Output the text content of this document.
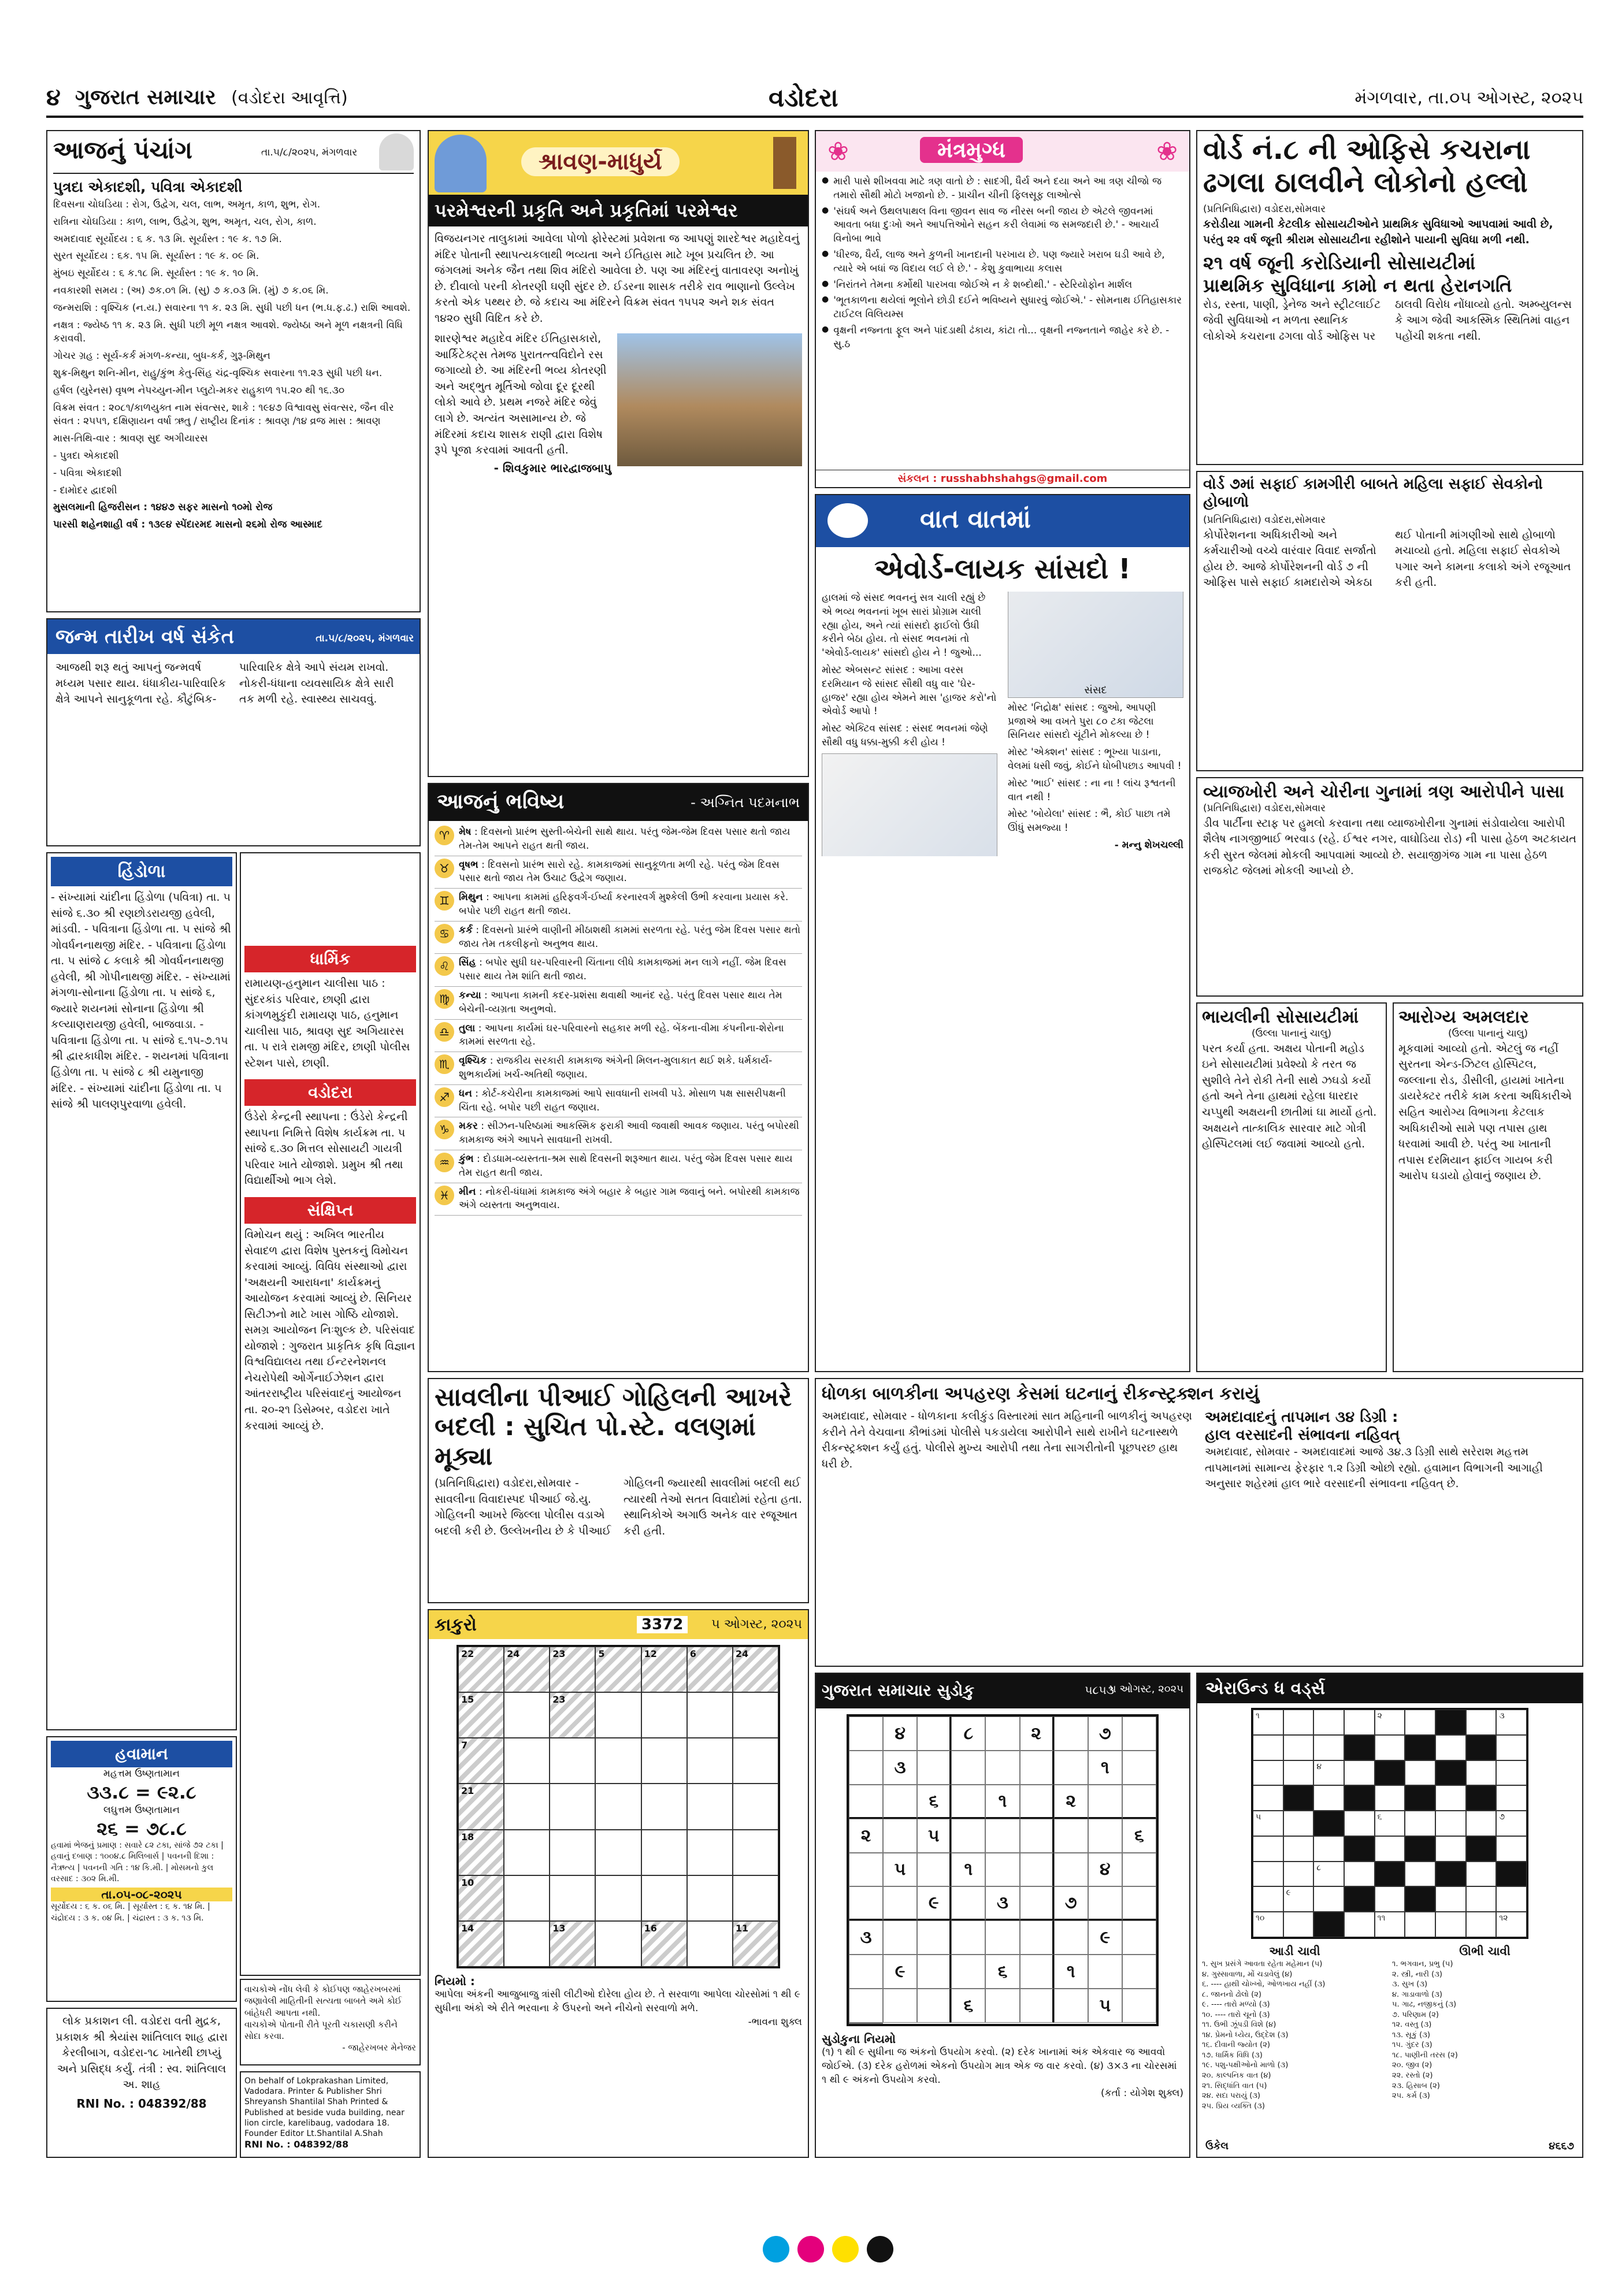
૪ ગુજરાત સમાચાર (વડોદરા આવૃત્તિ)	વડોદરા	મંગળવાર, તા.૦૫ ઓગસ્ટ, ૨૦૨૫
આજનું પંચાંગ	તા.૫/૮/૨૦૨૫, મંગળવાર
પુત્રદા એકાદશી, પવિત્રા એકાદશી
દિવસના ચોઘડિયા : રોગ, ઉદ્વેગ, ચલ, લાભ, અમૃત, કાળ, શુભ, રોગ.
રાત્રિના ચોઘડિયા : કાળ, લાભ, ઉદ્વેગ, શુભ, અમૃત, ચલ, રોગ, કાળ.
અમદાવાદ સૂર્યોદય : ૬ ક. ૧૩ મિ. સૂર્યાસ્ત : ૧૯ ક. ૧૭ મિ.
સુરત સૂર્યોદય : ૬ક. ૧૫ મિ. સૂર્યાસ્ત : ૧૯ ક. ૦૯ મિ.
મુંબઇ સૂર્યોદય : ૬ ક.૧૮ મિ. સૂર્યાસ્ત : ૧૯ ક. ૧૦ મિ.
નવકારશી સમય : (અ) ૭ક.૦૧ મિ. (સુ) ૭ ક.૦૩ મિ. (મું) ૭ ક.૦૬ મિ.
જન્મરાશિ : વૃશ્ચિક (ન.ય.) સવારના ૧૧ ક. ૨૩ મિ. સુધી પછી ધન (ભ.ધ.ફ.ઢ.) રાશિ આવશે.
નક્ષત્ર : જ્યેષ્ઠ ૧૧ ક. ૨૩ મિ. સુધી પછી મૂળ નક્ષત્ર આવશે. જ્યેષ્ઠા અને મૂળ નક્ષત્રની વિધિ કરાવવી.
ગોચર ગ્રહ : સૂર્ય-કર્ક મંગળ-કન્યા, બુધ-કર્ક, ગુરૂ-મિથુન
શુક્ર-મિથુન શનિ-મીન, રાહુ/કુંભ કેતુ-સિંહ ચંદ્ર-વૃશ્ચિક સવારના ૧૧.૨૩ સુધી પછી ધન.
હર્ષલ (યુરેનસ) વૃષભ નેપચ્યુન-મીન પ્લુટો-મકર રાહુકાળ ૧૫.૨૦ થી ૧૬.૩૦
વિક્રમ સંવત : ૨૦૮૧/કાળયુક્ત નામ સંવત્સર, શાકે : ૧૯૪૭ વિશ્વાવસુ સંવત્સર, જૈન વીર સંવત : ૨૫૫૧, દક્ષિણાયન વર્ષા ઋતુ / રાષ્ટ્રીય દિનાંક : શ્રાવણ /૧૪ વ્રજ માસ : શ્રાવણ
માસ-તિથિ-વાર : શ્રાવણ સુદ અગીયારસ
- પુત્રદા એકાદશી
- પવિત્રા એકાદશી
- દામોદર દ્વાદશી
મુસલમાની હિજરીસન : ૧૪૪૭ સફર માસનો ૧૦મો રોજ
પારસી શહેનશાહી વર્ષ : ૧૩૯૪ સ્પેંદારમદ માસનો ૨૬મો રોજ આસ્માદ
જન્મ તારીખ વર્ષ સંકેત	તા.૫/૮/૨૦૨૫, મંગળવાર
આજથી શરૂ થતું આપનું જન્મવર્ષ મધ્યમ પસાર થાય. ધંધાકીય-પારિવારિક ક્ષેત્રે આપને સાનુકૂળતા રહે. કૌટુંબિક-પારિવારિક ક્ષેત્રે આપે સંયમ રાખવો. નોકરી-ધંધાના વ્યવસાયિક ક્ષેત્રે સારી તક મળી રહે. સ્વાસ્થ્ય સાચવવું.
હિંડોળા
- સંખ્યામાં ચાંદીના હિંડોળા (પવિત્રા) તા. ૫ સાંજે ૬.૩૦ શ્રી રણછોડરાયજી હવેલી, માંડવી. - પવિત્રાના હિંડોળા તા. ૫ સાંજે શ્રી ગોવર્ધનનાથજી મંદિર. - પવિત્રાના હિંડોળા તા. ૫ સાંજે ૮ કલાકે શ્રી ગોવર્ધનનાથજી હવેલી, શ્રી ગોપીનાથજી મંદિર. - સંખ્યામાં મંગળા-સોનાના હિંડોળા તા. ૫ સાંજે ૬, જ્યારે શયનમાં સોનાના હિંડોળા શ્રી કલ્યાણરાયજી હવેલી, બાજવાડા. - પવિત્રાના હિંડોળા તા. ૫ સાંજે ૬.૧૫-૭.૧૫ શ્રી દ્વારકાધીશ મંદિર. - શયનમાં પવિત્રાના હિંડોળા તા. ૫ સાંજે ૮ શ્રી યમુનાજી મંદિર. - સંખ્યામાં ચાંદીના હિંડોળા તા. ૫ સાંજે શ્રી પાલણપુરવાળા હવેલી.
ધાર્મિક
રામાયણ-હનુમાન ચાલીસા પાઠ : સુંદરકાંડ પરિવાર, છાણી દ્વારા કાંગળમુકુંદી રામાયણ પાઠ, હનુમાન ચાલીસા પાઠ, શ્રાવણ સુદ અગિયારસ તા. ૫ રાત્રે રામજી મંદિર, છાણી પોલીસ સ્ટેશન પાસે, છાણી.
વડોદરા
ઉંડેરો કેન્દ્રની સ્થાપના : ઉંડેરો કેન્દ્રની સ્થાપના નિમિત્તે વિશેષ કાર્યક્રમ તા. ૫ સાંજે ૬.૩૦ મિત્તલ સોસાયટી ગાયત્રી પરિવાર ખાતે યોજાશે. પ્રમુખ શ્રી તથા વિદ્યાર્થીઓ ભાગ લેશે.
સંક્ષિપ્ત
વિમોચન થયું : અખિલ ભારતીય સેવાદળ દ્વારા વિશેષ પુસ્તકનું વિમોચન કરવામાં આવ્યું. વિવિધ સંસ્થાઓ દ્વારા 'અક્ષયની આરાધના' કાર્યક્રમનું આયોજન કરવામાં આવ્યું છે. સિનિયર સિટીઝનો માટે ખાસ ગોષ્ઠિ યોજાશે. સમગ્ર આયોજન નિઃશુલ્ક છે. પરિસંવાદ યોજાશે : ગુજરાત પ્રાકૃતિક કૃષિ વિજ્ઞાન વિશ્વવિદ્યાલય તથા ઈન્ટરનેશનલ નેચરોપેથી ઓર્ગેનાઈઝેશન દ્વારા આંતરરાષ્ટ્રીય પરિસંવાદનું આયોજન તા. ૨૦-૨૧ ડિસેમ્બર, વડોદરા ખાતે કરવામાં આવ્યું છે.
હવામાન
મહત્તમ ઉષ્ણતામાન
૩૩.૮ = ૯૨.૮
લઘુત્તમ ઉષ્ણતામાન
૨૬ = ૭૮.૮
હવામાં ભેજનું પ્રમાણ : સવારે ૮૨ ટકા, સાંજે ૭૨ ટકા | હવાનું દબાણ : ૧૦૦૪.૮ મિલિબાર્સ | પવનની દિશા : નૈઋત્ય | પવનની ગતિ : ૧૪ કિ.મી. | મોસમનો કુલ વરસાદ : ૩૦૨ મિ.મી.
તા.૦૫-૦૮-૨૦૨૫
સૂર્યોદય : ૬ ક. ૦૬ મિ. | સૂર્યાસ્ત : ૬ ક. ૧૪ મિ. | ચંદ્રોદય : ૩ ક. ૦૪ મિ. | ચંદ્રાસ્ત : ૩ ક. ૧૩ મિ.
વાચકોએ નોંધ લેવી કે કોઈપણ જાહેરખબરમાં જણાવેલી માહિતીની સત્યતા બાબતે અમે કોઈ બાંહેધરી આપતા નથી.
વાચકોએ પોતાની રીતે પૂરતી ચકાસણી કરીને સોદા કરવા.
- જાહેરખબર મેનેજર
લોક પ્રકાશન લી. વડોદરા વતી મુદ્રક, પ્રકાશક શ્રી શ્રેયાંસ શાંતિલાલ શાહ દ્વારા કેરલીબાગ, વડોદરા-૧૮ ખાતેથી છાપ્યું અને પ્રસિદ્ધ કર્યું. તંત્રી : સ્વ. શાંતિલાલ અ. શાહ
RNI No. : 048392/88
On behalf of Lokprakashan Limited, Vadodara. Printer & Publisher Shri Shreyansh Shantilal Shah Printed & Published at beside vuda building, near lion circle, karelibaug, vadodara 18. Founder Editor Lt.Shantilal A.Shah
RNI No. : 048392/88
શ્રાવણ-માધુર્ય
પરમેશ્વરની પ્રકૃતિ અને પ્રકૃતિમાં પરમેશ્વર
વિજયનગર તાલુકામાં આવેલા પોળો ફોરેસ્ટમાં પ્રવેશતા જ આપણું શારદેશ્વર મહાદેવનું મંદિર પોતાની સ્થાપત્યકલાથી ભવ્યતા અને ઈતિહાસ માટે ખૂબ પ્રચલિત છે. આ જંગલમાં અનેક જૈન તથા શિવ મંદિરો આવેલા છે. પણ આ મંદિરનું વાતાવરણ અનોખું છે. દીવાલો પરની કોતરણી ઘણી સુંદર છે. ઈડરના શાસક તરીકે રાવ ભાણાનો ઉલ્લેખ કરતો એક પથ્થર છે. જે કદાચ આ મંદિરને વિક્રમ સંવત ૧૫૫૨ અને શક સંવત ૧૪૨૦ સુધી વિદિત કરે છે.
શારણેશ્વર મહાદેવ મંદિર ઈતિહાસકારો, આર્કિટેક્ટ્સ તેમજ પુરાતત્ત્વવિદોને રસ જગાવ્યો છે. આ મંદિરની ભવ્ય કોતરણી અને અદ્ભુત મૂર્તિઓ જોવા દૂર દૂરથી લોકો આવે છે. પ્રથમ નજરે મંદિર જેવું લાગે છે. અત્યંત અસામાન્ય છે. જે મંદિરમાં કદાચ શાસક રાણી દ્વારા વિશેષ રૂપે પૂજા કરવામાં આવતી હતી.
- શિવકુમાર ભારદ્વાજબાપુ
આજનું ભવિષ્ય	- અગ્નિત પદમનાભ
♈ મેષ : દિવસનો પ્રારંભ સુસ્તી-બેચેની સાથે થાય. પરંતુ જેમ-જેમ દિવસ પસાર થતો જાય તેમ-તેમ આપને રાહત થતી જાય.
♉ વૃષભ : દિવસનો પ્રારંભ સારો રહે. કામકાજમાં સાનુકૂળતા મળી રહે. પરંતુ જેમ દિવસ પસાર થતો જાય તેમ ઉચાટ ઉદ્વેગ જણાય.
♊ મિથુન : આપના કામમાં હરિફવર્ગ-ઈર્ષ્યા કરનારવર્ગ મુશ્કેલી ઉભી કરવાના પ્રયાસ કરે. બપોર પછી રાહત થતી જાય.
♋ કર્ક : દિવસનો પ્રારંભે વાણીની મીઠાશથી કામમાં સરળતા રહે. પરંતુ જેમ દિવસ પસાર થતો જાય તેમ તકલીફનો અનુભવ થાય.
♌ સિંહ : બપોર સુધી ઘર-પરિવારની ચિંતાના લીધે કામકાજમાં મન લાગે નહીં. જેમ દિવસ પસાર થાય તેમ શાંતિ થતી જાય.
♍ કન્યા : આપના કામની કદર-પ્રશંસા થવાથી આનંદ રહે. પરંતુ દિવસ પસાર થાય તેમ બેચેની-વ્યગ્રતા અનુભવો.
♎ તુલા : આપના કાર્યમાં ઘર-પરિવારનો સહકાર મળી રહે. બેંકના-વીમા કંપનીના-શેરોના કામમાં સરળતા રહે.
♏ વૃશ્ચિક : રાજકીય સરકારી કામકાજ અંગેની મિલન-મુલાકાત થઈ શકે. ધર્મકાર્ય-શુભકાર્યમાં ખર્ચ-અતિથી જણાય.
♐ ધન : કોર્ટ-કચેરીના કામકાજમાં આપે સાવધાની રાખવી પડે. મોસાળ પક્ષ સાસરીપક્ષની ચિંતા રહે. બપોર પછી રાહત જણાય.
♑ મકર : સીઝન-પરિષ્ઠામાં આકસ્મિક ફરાકી આવી જવાથી આવક જણાય. પરંતુ બપોરથી કામકાજ અંગે આપને સાવધાની રાખવી.
♒ કુંભ : દોડધામ-વ્યસ્તતા-શ્રમ સાથે દિવસની શરૂઆત થાય. પરંતુ જેમ દિવસ પસાર થાય તેમ રાહત થતી જાય.
♓ મીન : નોકરી-ધંધામાં કામકાજ અંગે બહાર કે બહાર ગામ જવાનું બને. બપોરથી કામકાજ અંગે વ્યસ્તતા અનુભવાય.
સાવલીના પીઆઈ ગોહિલની આખરે
બદલી : સુચિત પો.સ્ટે. વલણમાં મૂક્યા
(પ્રતિનિધિદ્વારા) વડોદરા,સોમવાર - સાવલીના વિવાદાસ્પદ પીઆઈ જે.યુ. ગોહિલની આખરે જિલ્લા પોલીસ વડાએ બદલી કરી છે. ઉલ્લેખનીય છે કે પીઆઈ ગોહિલની જ્યારથી સાવલીમાં બદલી થઈ ત્યારથી તેઓ સતત વિવાદોમાં રહેતા હતા. સ્થાનિકોએ અગાઉ અનેક વાર રજૂઆત કરી હતી.
કાકુરો	3372	૫ ઓગસ્ટ, ૨૦૨૫
22	24	23	5	12	6	24
15	23
7
21
18
10
14	13	16	11
નિયમો :
આપેલા અંકની આજુબાજુ ત્રાંસી લીટીઓ દોરેલા હોય છે. તે સરવાળા આપેલા ચોરસોમાં ૧ થી ૯ સુધીના અંકો એ રીતે ભરવાના કે ઉપરનો અને નીચેનો સરવાળો મળે.
-ભાવના શુક્લ
❀	મંત્રમુગ્ધ	❀
● મારી પાસે શીખવવા માટે ત્રણ વાતો છે : સાદગી, ધૈર્ય અને દયા અને આ ત્રણ ચીજો જ તમારો સૌથી મોટો ખજાનો છે. - પ્રાચીન ચીની ફિલસૂફ લાઓત્સે
● 'સંઘર્ષ અને ઉથલપાથલ વિના જીવન સાવ જ નીરસ બની જાય છે એટલે જીવનમાં આવતા બધા દુઃખો અને આપત્તિઓને સહન કરી લેવામાં જ સમજદારી છે.' - આચાર્ય વિનોબા ભાવે
● 'ધીરજ, ધૈર્ય, લાજ અને કુળની ખાનદાની પરખાય છે. પણ જ્યારે ખરાબ ઘડી આવે છે, ત્યારે એ બધાં જ વિદાય લઈ લે છે.' - કેશુ કુવાભાયા કલાસ
● 'નિરાંતને તેમના કર્મોથી પારખવા જોઈએ ન કે શબ્દોથી.' - સ્ટેરિયોફોન માર્શલ
● 'ભૂતકાળના થયેલાં ભૂલોને છોડી દઈને ભવિષ્યને સુધારવું જોઈએ.' - સોમનાથ ઈતિહાસકાર ટાઈટલ વિલિયમ્સ
● વૃક્ષની નજ્નતા ફૂલ અને પાંદડાથી ઢંકાય, કાંટા તો... વૃક્ષની નજ્નતાને જાહેર કરે છે. - સુ.ઠ
સંકલન : russhabhshahgs@gmail.com
વાત વાતમાં
એવોર્ડ-લાયક સાંસદો !
હાલમાં જે સંસદ ભવનનું સત્ર ચાલી રહ્યું છે એ ભવ્ય ભવનનાં ખૂબ સારાં પ્રોગ્રામ ચાલી રહ્યા હોય, અને ત્યાં સાંસદો ફાઈલો ઉંધી કરીને બેઠા હોય. તો સંસદ ભવનમાં તો 'એવોર્ડ-લાયક' સાંસદો હોય ને ! જુઓ...
મોસ્ટ એબસન્ટ સાંસદ : આખા વરસ દરમિયાન જે સાંસદ સૌથી વધુ વાર 'ઘેર-હાજર' રહ્યા હોય એમને માસ 'હાજર કરો'નો એવોર્ડ આપો !
મોસ્ટ એક્ટિવ સાંસદ : સંસદ ભવનમાં જેણે સૌથી વધુ ધક્કા-મુક્કી કરી હોય !
સંસદ
મોસ્ટ 'નિદ્રોક્ષ' સાંસદ : જુઓ, આપણી પ્રજાએ આ વખતે પુરા ૮૦ ટકા જેટલા સિનિયર સાંસદો ચૂંટીને મોકલ્યા છે !
મોસ્ટ 'એક્શન' સાંસદ : ભૂખ્યા પાડાના, વેલમાં ધસી જવું, કોઈને ધોબીપછાડ આપવી !
મોસ્ટ 'ભાઈ' સાંસદ : ના ના ! લાંચ રૂશ્વતની વાત નથી !
મોસ્ટ 'બોયેલા' સાંસદ : ભૈ, કોઈ પાછા તમે ઊંધું સમજ્યા !
- મન્નુ શેખચલ્લી
ધોળકા બાળકીના અપહરણ કેસમાં ઘટનાનું રીકન્સ્ટ્રક્શન કરાયું
અમદાવાદ, સોમવાર - ધોળકાના કલીકુંડ વિસ્તારમાં સાત મહિનાની બાળકીનું અપહરણ કરીને તેને વેચવાના કૌભાંડમાં પોલીસે પકડાયેલા આરોપીને સાથે રાખીને ઘટનાસ્થળે રીકન્સ્ટ્રક્શન કર્યું હતું. પોલીસે મુખ્ય આરોપી તથા તેના સાગરીતોની પૂછપરછ હાથ ધરી છે.
અમદાવાદનું તાપમાન ૩૪ ડિગ્રી :
હાલ વરસાદની સંભાવના નહિવત્
અમદાવાદ, સોમવાર - અમદાવાદમાં આજે ૩૪.૩ ડિગ્રી સાથે સરેરાશ મહત્તમ તાપમાનમાં સામાન્ય ફેરફાર ૧.૨ ડિગ્રી ઓછો રહ્યો. હવામાન વિભાગની આગાહી અનુસાર શહેરમાં હાલ ભારે વરસાદની સંભાવના નહિવત્ છે.
ગુજરાત સમાચાર સુડોકુ	૫૮૫૩
૫ ઓગસ્ટ, ૨૦૨૫
૪	૮	૨	૭
૩	૧
૬	૧	૨
૨	૫	૬
૫	૧	૪
૯	૩	૭
૩	૯
૯	૬	૧
૬	૫
સુડોકુના નિયમો
(૧) ૧ થી ૯ સુધીના જ અંકનો ઉપયોગ કરવો. (૨) દરેક ખાનામાં અંક એકવાર જ આવવો જોઈએ. (૩) દરેક હરોળમાં એકનો ઉપયોગ માત્ર એક જ વાર કરવો. (૪) ૩×૩ ના ચોરસમાં ૧ થી ૯ અંકનો ઉપયોગ કરવો.
(કર્તા : યોગેશ શુક્લ)
વોર્ડ નં.૮ ની ઓફિસે કચરાના
ઢગલા ઠાલવીને લોકોનો હલ્લો
(પ્રતિનિધિદ્વારા) વડોદરા,સોમવાર
કરોડીયા ગામની કેટલીક સોસાયટીઓને પ્રાથમિક સુવિધાઓ આપવામાં આવી છે, પરંતુ ૨૨ વર્ષ જૂની શ્રીરામ સોસાયટીના રહીશોને પાયાની સુવિધા મળી નથી.
૨૧ વર્ષ જૂની કરોડિયાની સોસાયટીમાં
પ્રાથમિક સુવિધાના કામો ન થતા હેરાનગતિ
રોડ, રસ્તા, પાણી, ડ્રેનેજ અને સ્ટ્રીટલાઈટ જેવી સુવિધાઓ ન મળતા સ્થાનિક લોકોએ કચરાના ઢગલા વોર્ડ ઓફિસ પર ઠાલવી વિરોધ નોંધાવ્યો હતો. અમ્બ્યુલન્સ કે આગ જેવી આકસ્મિક સ્થિતિમાં વાહન પહોંચી શકતા નથી.
વોર્ડ ૭માં સફાઈ કામગીરી બાબતે મહિલા સફાઈ સેવકોનો હોબાળો
(પ્રતિનિધિદ્વારા) વડોદરા,સોમવાર
કોર્પોરેશનના અધિકારીઓ અને કર્મચારીઓ વચ્ચે વારંવાર વિવાદ સર્જાતો હોય છે. આજે કોર્પોરેશનની વોર્ડ ૭ ની ઓફિસ પાસે સફાઈ કામદારોએ એકઠા થઈ પોતાની માંગણીઓ સાથે હોબાળો મચાવ્યો હતો. મહિલા સફાઈ સેવકોએ પગાર અને કામના કલાકો અંગે રજૂઆત કરી હતી.
વ્યાજખોરી અને ચોરીના ગુનામાં ત્રણ આરોપીને પાસા
(પ્રતિનિધિદ્વારા) વડોદરા,સોમવાર
ડીવ પાર્ટીના સ્ટાફ પર હુમલો કરવાના તથા વ્યાજખોરીના ગુનામાં સંડોવાયેલા આરોપી શૈલેષ નાગજીભાઈ ભરવાડ (રહે. ઈશ્વર નગર, વાઘોડિયા રોડ) ની પાસા હેઠળ અટકાયત કરી સુરત જેલમાં મોકલી આપવામાં આવ્યો છે. સયાજીગંજ ગામ ના પાસા હેઠળ રાજકોટ જેલમાં મોકલી આપ્યો છે.
ભાયલીની સોસાયટીમાં
(ઉલ્લા પાનાનું ચાલુ)
પરત કર્યા હતા. અક્ષય પોતાની મહોડ ઇને સોસાયટીમાં પ્રવેશ્યો કે તરત જ સુશીલે તેને રોકી તેની સાથે ઝઘડો કર્યો હતો અને તેના હાથમાં રહેલા ધારદાર ચપ્પુથી અક્ષયની છાતીમાં ઘા માર્યો હતો. અક્ષયને તાત્કાલિક સારવાર માટે ગોત્રી હોસ્પિટલમાં લઈ જવામાં આવ્યો હતો.
આરોગ્ય અમલદાર
(ઉલ્લા પાનાનું ચાલુ)
મૂકવામાં આવ્યો હતો. એટલું જ નહીં સુરતના એન્ડ-ઝિટલ હોસ્પિટલ, જલ્લાના રોડ, ડીસીલી, હાયમાં ખાતેના ડાયરેક્ટર તરીકે કામ કરતા અધિકારીએ સહિત આરોગ્ય વિભાગના કેટલાક અધિકારીઓ સામે પણ તપાસ હાથ ધરવામાં આવી છે. પરંતુ આ ખાતાની તપાસ દરમિયાન ફાઈલ ગાયબ કરી આરોપ ઘડાયો હોવાનું જણાય છે.
એરાઉન્ડ ધ વર્ડ્સ
૧	૨	૩
૪
૫	૬	૭
૮
૯
૧૦	૧૧	૧૨
આડી ચાવી
૧. સુખ પ્રસંગે આવતા રહેતા મહેમાન (૫)
૪. ગુસ્સાવાળા, મોં ચડાવેલું (૪)
૬. ---- હાથી ચોખ્ખો, ઓળખાય નહીં (૩)
૮. જાનનો ઢોલો (૨)
૯. ---- તારો મળ્યો (૩)
૧૦. ---- તારો ચૂનો (૩)
૧૧. ઉભી ઝૂંપડી વિશે (૪)
૧૪. પ્રેમનો ધ્યેય, ઉદ્દેશ (૩)
૧૬. દીવાની જ્યોત (૨)
૧૭. ધાર્મિક વિધિ (૩)
૧૯. પશુ-પક્ષીઓનો માળો (૩)
૨૦. કાલ્પનિક વાત (૪)
૨૧. સિદ્ધાંતિ વાત (૫)
૨૪. સદા પરાયું (૩)
૨૫. પ્રિય વ્યક્તિ (૩)
ઊભી ચાવી
૧. ભગવાન, પ્રભુ (૫)
૨. સ્ત્રી, નારી (૩)
૩. સુખ (૩)
૪. ગાડાવાળો (૩)
૫. ગાઢ, નજીકનું (૩)
૭. પરિણામ (૨)
૧૨. વસ્તુ (૩)
૧૩. સૂકું (૩)
૧૫. ગુંદર (૩)
૧૮. પાણીની તરસ (૨)
૨૦. જીવ (૨)
૨૨. રસ્તો (૨)
૨૩. હિસાબ (૨)
૨૫. કર્મ (૩)
ઉકેલ	૪૬૬૭
